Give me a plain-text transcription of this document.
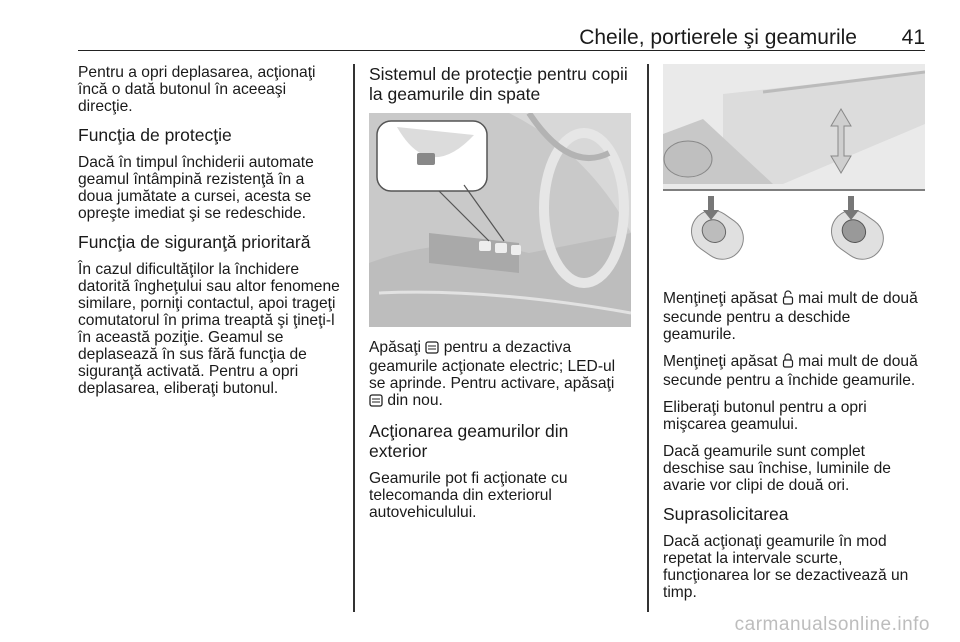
Cheile, portierele şi geamurile 41

Pentru a opri deplasarea, acţionaţi încă o dată butonul în aceeaşi direcţie.

Funcţia de protecţie

Dacă în timpul închiderii automate geamul întâmpină rezistenţă în a doua jumătate a cursei, acesta se opreşte imediat şi se redeschide.

Funcţia de siguranţă prioritară

În cazul dificultăţilor la închidere datorită îngheţului sau altor fenomene similare, porniţi contactul, apoi trageţi comutatorul în prima treaptă şi ţineţi-l în această poziţie. Geamul se deplasează în sus fără funcţia de siguranţă activată. Pentru a opri deplasarea, eliberaţi butonul.

Sistemul de protecţie pentru copii la geamurile din spate

Apăsaţi pentru a dezactiva geamurile acţionate electric; LED-ul se aprinde. Pentru activare, apăsaţi  din nou.

Acţionarea geamurilor din exterior

Geamurile pot fi acţionate cu telecomanda din exteriorul autovehiculului.

Menţineţi apăsat mai mult de două secunde pentru a deschide geamurile.

Menţineţi apăsat mai mult de două secunde pentru a închide geamurile.

Eliberaţi butonul pentru a opri mişcarea geamului.

Dacă geamurile sunt complet deschise sau închise, luminile de avarie vor clipi de două ori.

Suprasolicitarea

Dacă acţionaţi geamurile în mod repetat la intervale scurte, funcţionarea lor se dezactivează un timp.

carmanualsonline.info
